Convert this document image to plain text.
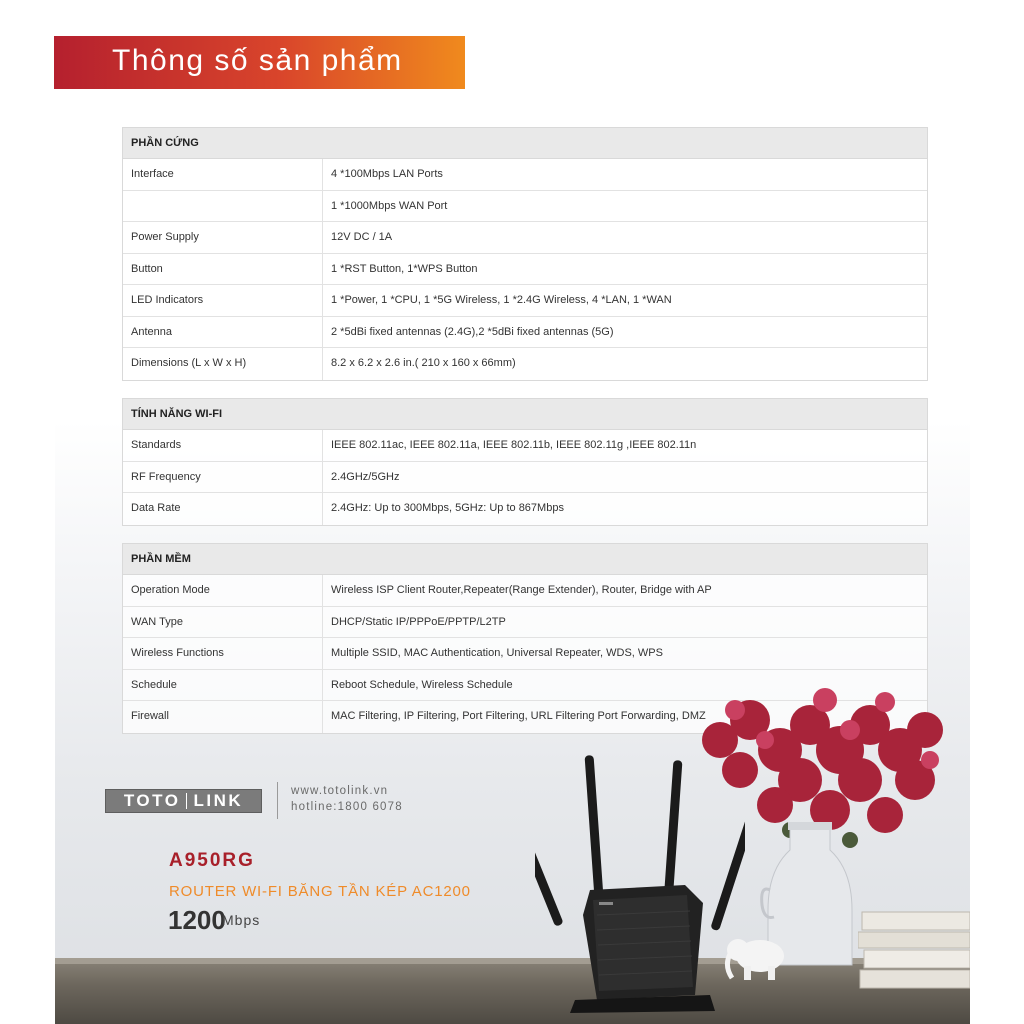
Thông số sản phẩm
PHẦN CỨNG
Interface	4 *100Mbps LAN Ports
1 *1000Mbps WAN Port
Power Supply	12V DC / 1A
Button	1 *RST Button, 1*WPS Button
LED Indicators	1 *Power, 1 *CPU, 1 *5G Wireless, 1 *2.4G Wireless, 4 *LAN, 1 *WAN
Antenna	2 *5dBi fixed antennas (2.4G),2 *5dBi fixed antennas (5G)
Dimensions (L x W x H)	8.2 x 6.2 x 2.6 in.( 210 x 160 x 66mm)
TÍNH NĂNG WI-FI
Standards	IEEE 802.11ac, IEEE 802.11a, IEEE 802.11b, IEEE 802.11g ,IEEE 802.11n
RF Frequency	2.4GHz/5GHz
Data Rate	2.4GHz: Up to 300Mbps, 5GHz: Up to 867Mbps
PHẦN MỀM
Operation Mode	Wireless ISP Client Router,Repeater(Range Extender), Router, Bridge with AP
WAN Type	DHCP/Static IP/PPPoE/PPTP/L2TP
Wireless Functions	Multiple SSID, MAC Authentication, Universal Repeater, WDS, WPS
Schedule	Reboot Schedule, Wireless Schedule
Firewall	MAC Filtering, IP Filtering, Port Filtering, URL Filtering Port Forwarding, DMZ
TOTO LINK	www.totolink.vn
hotline:1800 6078
A950RG
ROUTER WI-FI BĂNG TẦN KÉP AC1200
1200
Mbps
